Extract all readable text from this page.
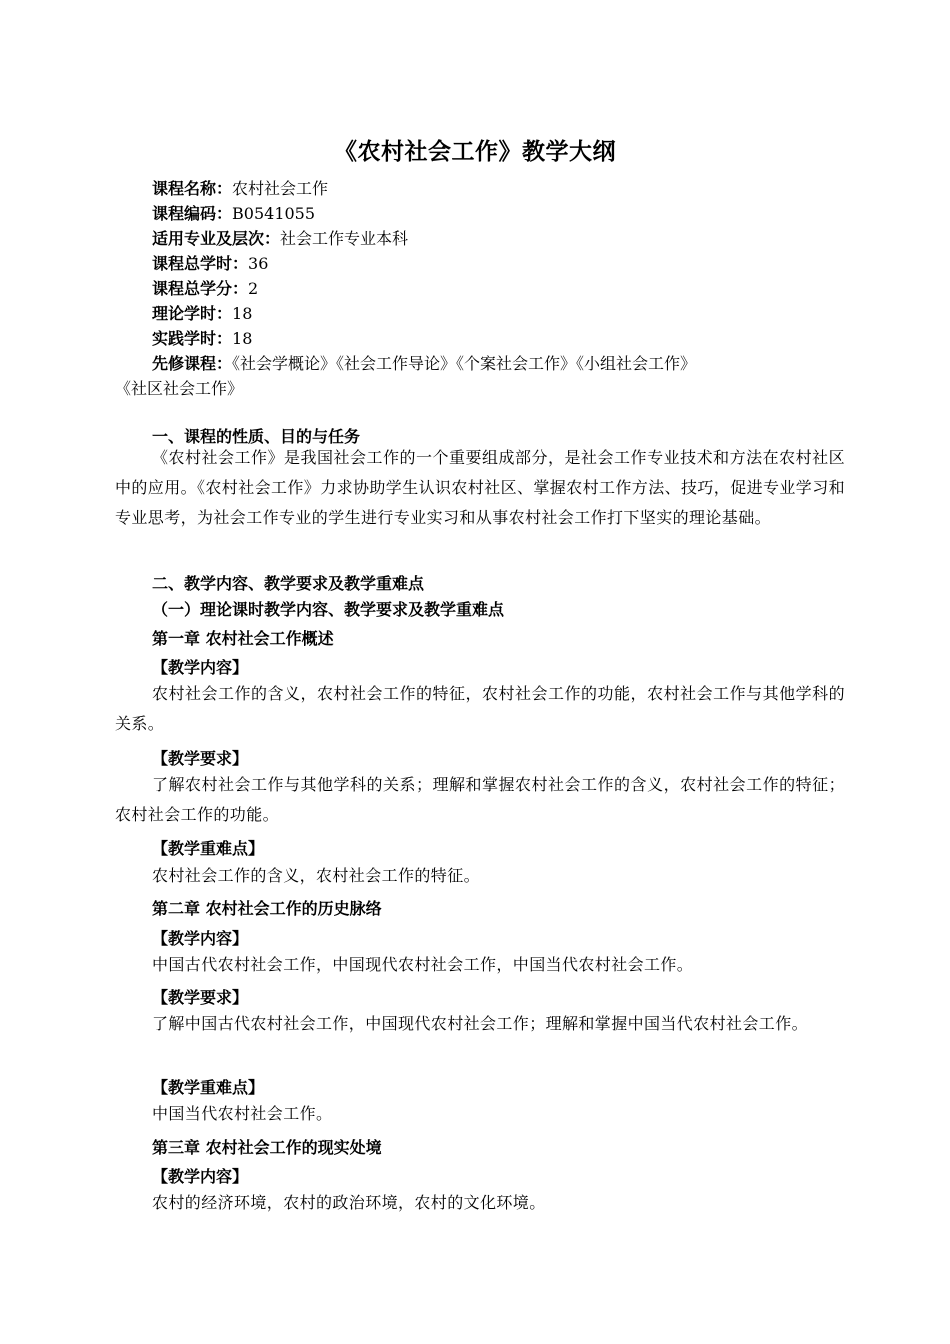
《农村社会工作》教学大纲
课程名称：农村社会工作
课程编码：B0541055
适用专业及层次：社会工作专业本科
课程总学时：36
课程总学分：2
理论学时：18
实践学时：18
先修课程：《社会学概论》《社会工作导论》《个案社会工作》《小组社会工作》
《社区社会工作》
一、课程的性质、目的与任务
《农村社会工作》是我国社会工作的一个重要组成部分，是社会工作专业技术和方法在农村社区中的应用。《农村社会工作》力求协助学生认识农村社区、掌握农村工作方法、技巧，促进专业学习和专业思考，为社会工作专业的学生进行专业实习和从事农村社会工作打下坚实的理论基础。
二、教学内容、教学要求及教学重难点
（一）理论课时教学内容、教学要求及教学重难点
第一章 农村社会工作概述
【教学内容】
农村社会工作的含义，农村社会工作的特征，农村社会工作的功能，农村社会工作与其他学科的关系。
【教学要求】
了解农村社会工作与其他学科的关系；理解和掌握农村社会工作的含义，农村社会工作的特征；农村社会工作的功能。
【教学重难点】
农村社会工作的含义，农村社会工作的特征。
第二章 农村社会工作的历史脉络
【教学内容】
中国古代农村社会工作，中国现代农村社会工作，中国当代农村社会工作。
【教学要求】
了解中国古代农村社会工作，中国现代农村社会工作；理解和掌握中国当代农村社会工作。
【教学重难点】
中国当代农村社会工作。
第三章 农村社会工作的现实处境
【教学内容】
农村的经济环境，农村的政治环境，农村的文化环境。
